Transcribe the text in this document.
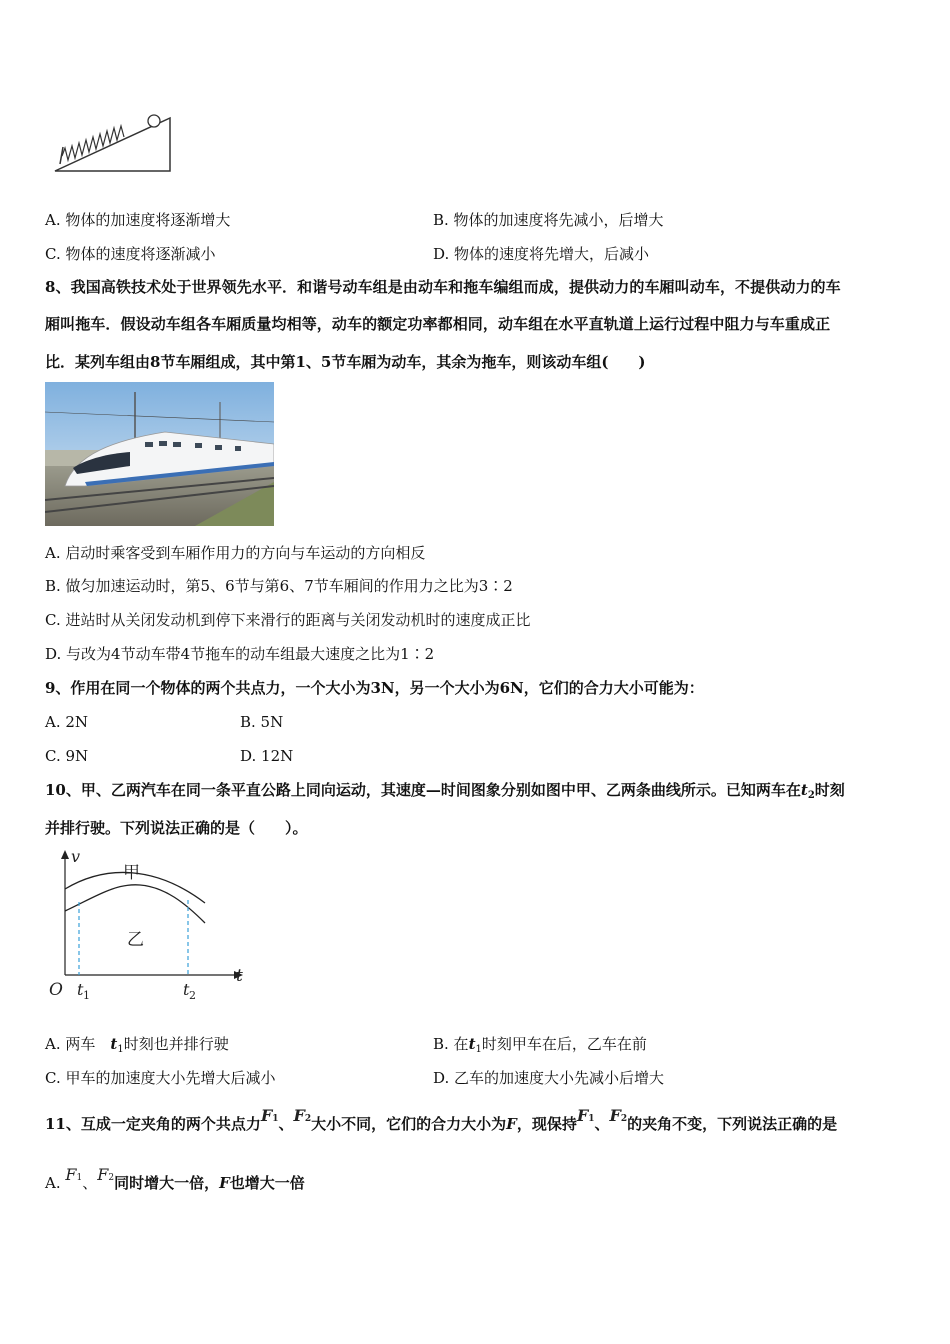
A. 物体的加速度将逐渐增大	B. 物体的加速度将先减小，后增大
C. 物体的速度将逐渐减小	D. 物体的速度将先增大，后减小
8、我国高铁技术处于世界领先水平．和谐号动车组是由动车和拖车编组而成，提供动力的车厢叫动车，不提供动力的车
厢叫拖车．假设动车组各车厢质量均相等，动车的额定功率都相同，动车组在水平直轨道上运行过程中阻力与车重成正
比．某列车组由8节车厢组成，其中第1、5节车厢为动车，其余为拖车，则该动车组(　　)
A. 启动时乘客受到车厢作用力的方向与车运动的方向相反
B. 做匀加速运动时，第5、6节与第6、7节车厢间的作用力之比为3∶2
C. 进站时从关闭发动机到停下来滑行的距离与关闭发动机时的速度成正比
D. 与改为4节动车带4节拖车的动车组最大速度之比为1∶2
9、作用在同一个物体的两个共点力，一个大小为3N，另一个大小为6N，它们的合力大小可能为：
A. 2N	B. 5N
C. 9N	D. 12N
10、甲、乙两汽车在同一条平直公路上同向运动，其速度—时间图象分别如图中甲、乙两条曲线所示。已知两车在$t_2$时刻
并排行驶。下列说法正确的是（　　）。
v
t
O
甲
乙
t 1	t 2
A. 两车　$t_1$时刻也并排行驶	B. 在$t_1$时刻甲车在后，乙车在前
C. 甲车的加速度大小先增大后减小	D. 乙车的加速度大小先减小后增大
11、互成一定夹角的两个共点力F1、F2大小不同，它们的合力大小为F，现保持F1、F2的夹角不变，下列说法正确的是
A. F1、F2同时增大一倍，F也增大一倍
